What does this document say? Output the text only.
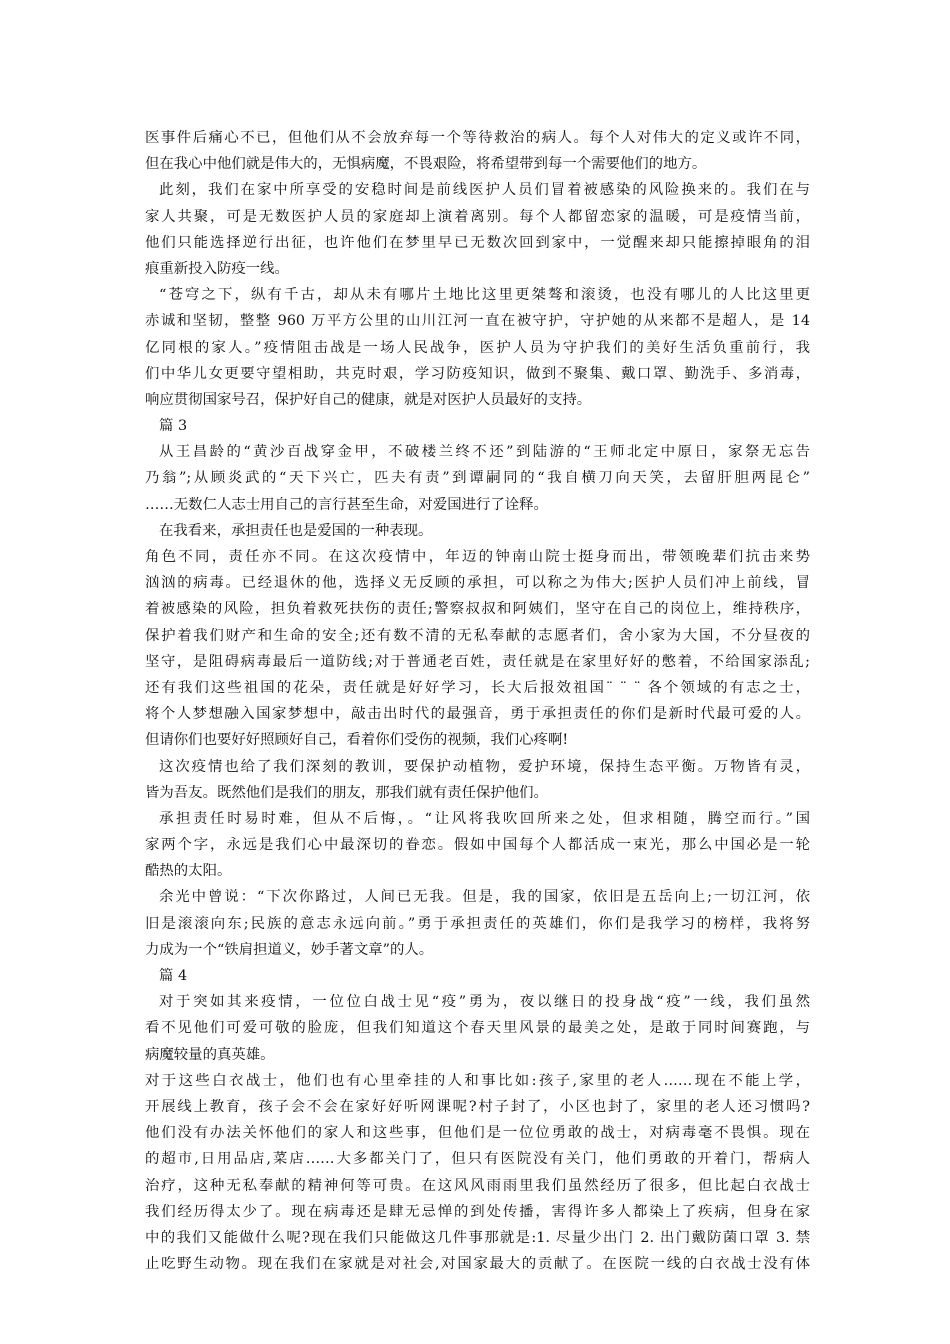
医事件后痛心不已，但他们从不会放弃每一个等待救治的病人。每个人对伟大的定义或许不同，
但在我心中他们就是伟大的，无惧病魔，不畏艰险，将希望带到每一个需要他们的地方。
此刻，我们在家中所享受的安稳时间是前线医护人员们冒着被感染的风险换来的。我们在与
家人共聚，可是无数医护人员的家庭却上演着离别。每个人都留恋家的温暖，可是疫情当前，
他们只能选择逆行出征，也许他们在梦里早已无数次回到家中，一觉醒来却只能擦掉眼角的泪
痕重新投入防疫一线。
“苍穹之下，纵有千古，却从未有哪片土地比这里更桀骜和滚烫，也没有哪儿的人比这里更
赤诚和坚韧，整整 960 万平方公里的山川江河一直在被守护，守护她的从来都不是超人，是 14
亿同根的家人。”疫情阻击战是一场人民战争，医护人员为守护我们的美好生活负重前行，我
们中华儿女更要守望相助，共克时艰，学习防疫知识，做到不聚集、戴口罩、勤洗手、多消毒，
响应贯彻国家号召，保护好自己的健康，就是对医护人员最好的支持。
篇 3
从王昌龄的“黄沙百战穿金甲，不破楼兰终不还”到陆游的“王师北定中原日，家祭无忘告
乃翁”;从顾炎武的“天下兴亡，匹夫有责”到谭嗣同的“我自横刀向天笑，去留肝胆两昆仑”
……无数仁人志士用自己的言行甚至生命，对爱国进行了诠释。
在我看来，承担责任也是爱国的一种表现。
角色不同，责任亦不同。在这次疫情中，年迈的钟南山院士挺身而出，带领晚辈们抗击来势
汹汹的病毒。已经退休的他，选择义无反顾的承担，可以称之为伟大;医护人员们冲上前线，冒
着被感染的风险，担负着救死扶伤的责任;警察叔叔和阿姨们，坚守在自己的岗位上，维持秩序，
保护着我们财产和生命的安全;还有数不清的无私奉献的志愿者们，舍小家为大国，不分昼夜的
坚守，是阻碍病毒最后一道防线;对于普通老百姓，责任就是在家里好好的憋着，不给国家添乱;
还有我们这些祖国的花朵，责任就是好好学习，长大后报效祖国¨ ¨ ¨ 各个领域的有志之士，
将个人梦想融入国家梦想中，敲击出时代的最强音，勇于承担责任的你们是新时代最可爱的人。
但请你们也要好好照顾好自己，看着你们受伤的视频，我们心疼啊!
这次疫情也给了我们深刻的教训，要保护动植物，爱护环境，保持生态平衡。万物皆有灵，
皆为吾友。既然他们是我们的朋友，那我们就有责任保护他们。
承担责任时易时难，但从不后悔，。“让风将我吹回所来之处，但求相随，腾空而行。”国
家两个字，永远是我们心中最深切的眷恋。假如中国每个人都活成一束光，那么中国必是一轮
酷热的太阳。
余光中曾说：“下次你路过，人间已无我。但是，我的国家，依旧是五岳向上;一切江河，依
旧是滚滚向东;民族的意志永远向前。”勇于承担责任的英雄们，你们是我学习的榜样，我将努
力成为一个“铁肩担道义，妙手著文章”的人。
篇 4
对于突如其来疫情，一位位白战士见“疫”勇为，夜以继日的投身战“疫”一线，我们虽然
看不见他们可爱可敬的脸庞，但我们知道这个春天里风景的最美之处，是敢于同时间赛跑，与
病魔较量的真英雄。
对于这些白衣战士，他们也有心里牵挂的人和事比如:孩子,家里的老人……现在不能上学，
开展线上教育，孩子会不会在家好好听网课呢?村子封了，小区也封了，家里的老人还习惯吗?
他们没有办法关怀他们的家人和这些事，但他们是一位位勇敢的战士，对病毒毫不畏惧。现在
的超市,日用品店,菜店……大多都关门了，但只有医院没有关门，他们勇敢的开着门，帮病人
治疗，这种无私奉献的精神何等可贵。在这风风雨雨里我们虽然经历了很多，但比起白衣战士
我们经历得太少了。现在病毒还是肆无忌惮的到处传播，害得许多人都染上了疾病，但身在家
中的我们又能做什么呢?现在我们只能做这几件事那就是:1. 尽量少出门 2. 出门戴防菌口罩 3. 禁
止吃野生动物。现在我们在家就是对社会,对国家最大的贡献了。在医院一线的白衣战士没有体
